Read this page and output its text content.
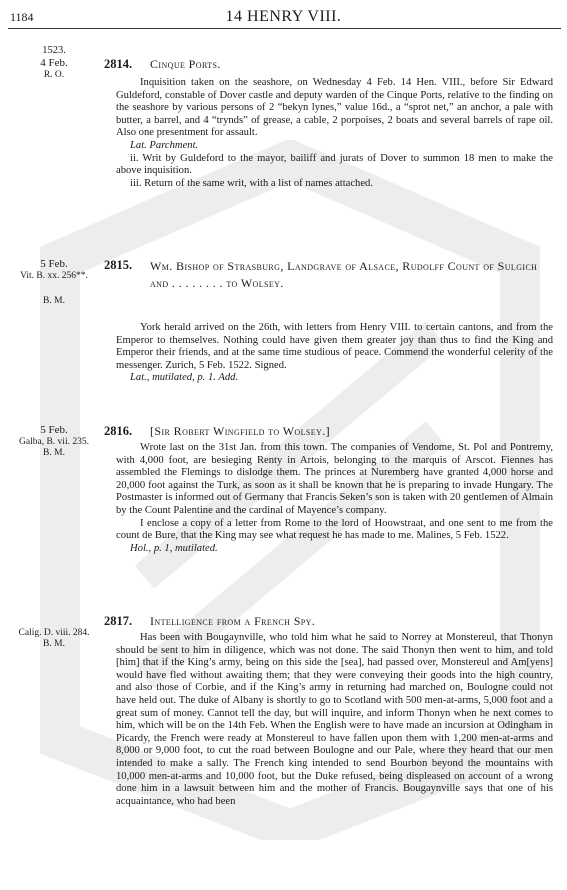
1184	14 HENRY VIII.
1523.
4 Feb.
R. O.
2814. Cinque Ports.

Inquisition taken on the seashore, on Wednesday 4 Feb. 14 Hen. VIII., before Sir Edward Guldeford, constable of Dover castle and deputy warden of the Cinque Ports, relative to the finding on the seashore by various persons of 2 “bekyn lynes,” value 16d., a “sprot net,” an anchor, a pale with butter, a barrel, and 4 “trynds” of grease, a cable, 2 porpoises, 2 boats and several barrels of rape oil. Also one presentment for assault.

Lat. Parchment.

ii. Writ by Guldeford to the mayor, bailiff and jurats of Dover to summon 18 men to make the above inquisition.

iii. Return of the same writ, with a list of names attached.

5 Feb.
Vit. B. xx. 256**.
B. M.
2815. Wm. Bishop of Strasburg, Landgrave of Alsace, Rudolff Count of Sulgich and . . . . . . . . to Wolsey.

York herald arrived on the 26th, with letters from Henry VIII. to certain cantons, and from the Emperor to themselves. Nothing could have given them greater joy than thus to find the King and Emperor their friends, and at the same time studious of peace. Commend the wonderful celerity of the messenger. Zurich, 5 Feb. 1522. Signed.

Lat., mutilated, p. 1. Add.

5 Feb.
Galba, B. vii. 235.
B. M.
2816. [Sir Robert Wingfield to Wolsey.]

Wrote last on the 31st Jan. from this town. The companies of Vendome, St. Pol and Pontremy, with 4,000 foot, are besieging Renty in Artois, belonging to the marquis of Arscot. Fiennes has assembled the Flemings to dislodge them. The princes at Nuremberg have granted 4,000 horse and 20,000 foot against the Turk, as soon as it shall be known that he is preparing to invade Hungary. The Postmaster is informed out of Germany that Francis Seken’s son is taken with 20 gentlemen of Almain by the Count Palentine and the cardinal of Mayence’s company.

I enclose a copy of a letter from Rome to the lord of Hoowstraat, and one sent to me from the count de Bure, that the King may see what request he has made to me. Malines, 5 Feb. 1522.

Hol., p. 1, mutilated.

Calig. D. viii. 284.
B. M.
2817. Intelligence from a French Spy.

Has been with Bougaynville, who told him what he said to Norrey at Monstereul, that Thonyn should be sent to him in diligence, which was not done. The said Thonyn then went to him, and told [him] that if the King’s army, being on this side the [sea], had passed over, Monstereul and Am[yens] would have fled without awaiting them; that they were conveying their goods into the high country, and also those of Corbie, and if the King’s army in returning had marched on, Boulogne could not have held out. The duke of Albany is shortly to go to Scotland with 500 men-at-arms, 5,000 foot and a great sum of money. Cannot tell the day, but will inquire, and inform Thonyn when he next comes to him, which will be on the 14th Feb. When the English were to have made an incursion at Odingham in Picardy, the French were ready at Monstereul to have fallen upon them with 1,200 men-at-arms and 8,000 or 9,000 foot, to cut the road between Boulogne and our Pale, where they heard that our men intended to make a sally. The French king intended to send Bourbon beyond the mountains with 10,000 men-at-arms and 10,000 foot, but the Duke refused, being displeased on account of a wrong done him in a lawsuit between him and the mother of Francis. Bougaynville says that one of his acquaintance, who had been
